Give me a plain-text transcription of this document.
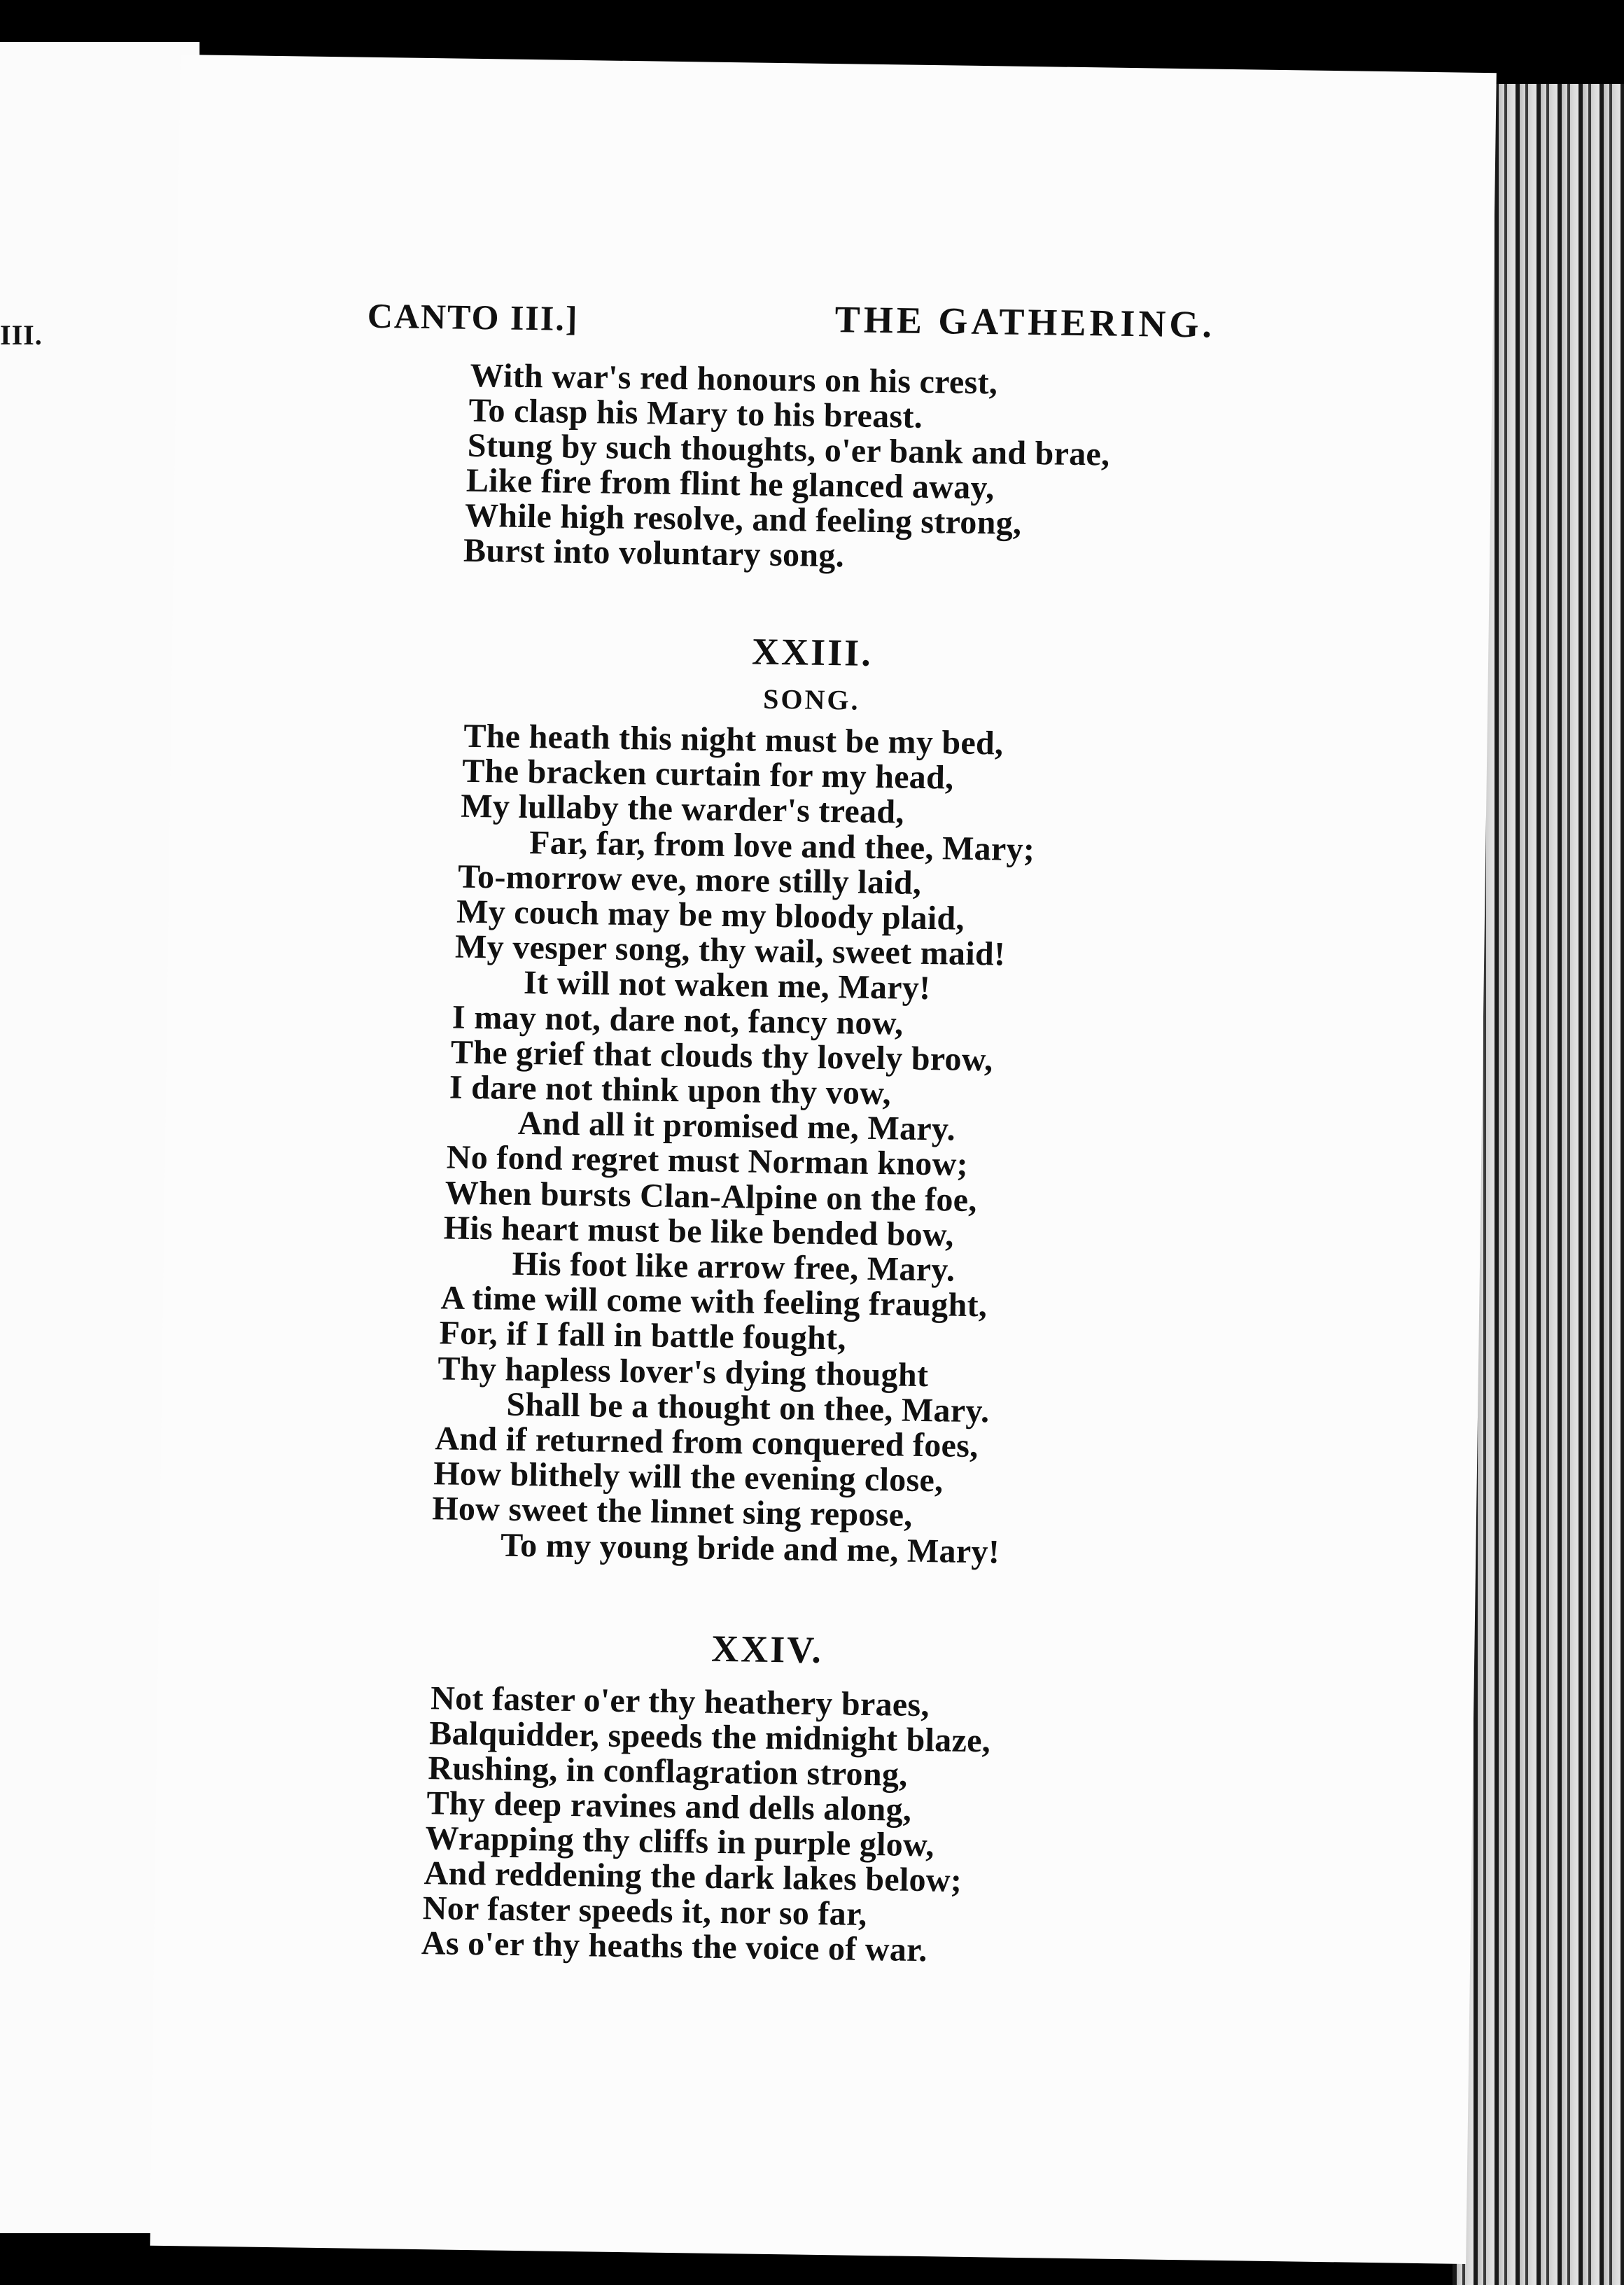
III.	CANTO III.]	THE GATHERING.
With war's red honours on his crest,
To clasp his Mary to his breast.
Stung by such thoughts, o'er bank and brae,
Like fire from flint he glanced away,
While high resolve, and feeling strong,
Burst into voluntary song.
XXIII.
SONG.
The heath this night must be my bed,
The bracken curtain for my head,
My lullaby the warder's tread,
Far, far, from love and thee, Mary;
To-morrow eve, more stilly laid,
My couch may be my bloody plaid,
My vesper song, thy wail, sweet maid!
It will not waken me, Mary!
I may not, dare not, fancy now,
The grief that clouds thy lovely brow,
I dare not think upon thy vow,
And all it promised me, Mary.
No fond regret must Norman know;
When bursts Clan-Alpine on the foe,
His heart must be like bended bow,
His foot like arrow free, Mary.
A time will come with feeling fraught,
For, if I fall in battle fought,
Thy hapless lover's dying thought
Shall be a thought on thee, Mary.
And if returned from conquered foes,
How blithely will the evening close,
How sweet the linnet sing repose,
To my young bride and me, Mary!
XXIV.
Not faster o'er thy heathery braes,
Balquidder, speeds the midnight blaze,
Rushing, in conflagration strong,
Thy deep ravines and dells along,
Wrapping thy cliffs in purple glow,
And reddening the dark lakes below;
Nor faster speeds it, nor so far,
As o'er thy heaths the voice of war.
